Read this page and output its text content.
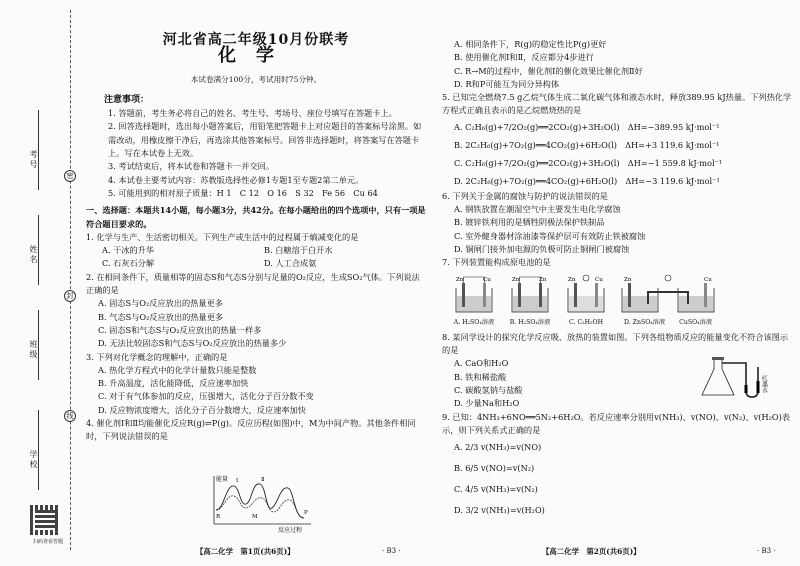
考号
姓名
班级
学校
密
封
线
扫码查看答题
河北省高二年级10月份联考
化学
本试卷满分100分，考试用时75分钟。
注意事项：
1. 答题前，考生务必将自己的姓名、考生号、考场号、座位号填写在答题卡上。
2. 回答选择题时，选出每小题答案后，用铅笔把答题卡上对应题目的答案标号涂黑。如需改动，用橡皮擦干净后，再选涂其他答案标号。回答非选择题时，将答案写在答题卡上。写在本试卷上无效。
3. 考试结束后，将本试卷和答题卡一并交回。
4. 本试卷主要考试内容：苏教版选择性必修1专题1至专题2第二单元。
5. 可能用到的相对原子质量：H 1　C 12　O 16　S 32　Fe 56　Cu 64
一、选择题：本题共14小题，每小题3分，共42分。在每小题给出的四个选项中，只有一项是符合题目要求的。
1. 化学与生产、生活密切相关。下列生产或生活中的过程属于熵减变化的是
A. 干冰的升华	B. 白糖溶于白开水
C. 石灰石分解	D. 人工合成氨
2. 在相同条件下，质量相等的固态S和气态S分别与足量的O₂反应，生成SO₂气体。下列说法正确的是
A. 固态S与O₂反应放出的热量更多
B. 气态S与O₂反应放出的热量更多
C. 固态S和气态S与O₂反应放出的热量一样多
D. 无法比较固态S和气态S与O₂反应放出的热量多少
3. 下列对化学概念的理解中，正确的是
A. 热化学方程式中的化学计量数只能是整数
B. 升高温度，活化能降低，反应速率加快
C. 对于有气体参加的反应，压强增大，活化分子百分数不变
D. 反应物浓度增大，活化分子百分数增大，反应速率加快
4. 催化剂Ⅰ和Ⅱ均能催化反应R(g)⇌P(g)。反应历程(如图)中，M为中间产物。其他条件相同时，下列说法错误的是
能量
反应过程
Ⅰ	Ⅱ
R	M
P
【高二化学　第1页(共6页)】	· B3 ·
A. 相同条件下，R(g)的稳定性比P(g)更好
B. 使用催化剂Ⅰ和Ⅱ，反应都分4步进行
C. R→M的过程中，催化剂Ⅰ的催化效果比催化剂Ⅱ好
D. R和P可能互为同分异构体
5. 已知完全燃烧7.5 g乙烷气体生成二氧化碳气体和液态水时，释放389.95 kJ热量。下列热化学方程式正确且表示的是乙烷燃烧热的是
A. C₂H₆(g)+7/2O₂(g)══2CO₂(g)+3H₂O(l)　ΔH=−389.95 kJ·mol⁻¹
B. 2C₂H₆(g)+7O₂(g)══4CO₂(g)+6H₂O(l)　ΔH=+3 119.6 kJ·mol⁻¹
C. C₂H₆(g)+7/2O₂(g)══2CO₂(g)+3H₂O(l)　ΔH=−1 559.8 kJ·mol⁻¹
D. 2C₂H₆(g)+7O₂(g)══4CO₂(g)+6H₂O(l)　ΔH=−3 119.6 kJ·mol⁻¹
6. 下列关于金属的腐蚀与防护的说法错误的是
A. 钢铁放置在潮湿空气中主要发生电化学腐蚀
B. 镀锌铁利用的是牺牲阴极法保护铁制品
C. 室外健身器材涂油漆等保护层可有效防止铁被腐蚀
D. 铜闸门接外加电源的负极可防止铜闸门被腐蚀
7. 下列装置能构成原电池的是
Zn	Cu
A. H₂SO₄溶液
Zn	Zn
B. H₂SO₄溶液
Zn	Cu
C. C₂H₅OH
Zn	Cu
D. ZnSO₄溶液 CuSO₄溶液
8. 某同学设计的探究化学反应吸、放热的装置如图。下列各组物质反应的能量变化不符合该图示的是
A. CaO和H₂O
B. 铁和稀盐酸
C. 碳酸氢钠与盐酸
D. 少量Na和H₂O
红墨水
9. 已知：4NH₃+6NO══5N₂+6H₂O。若反应速率分别用v(NH₃)、v(NO)、v(N₂)、v(H₂O)表示，则下列关系式正确的是
A. 2/3 v(NH₃)=v(NO)
B. 6/5 v(NO)=v(N₂)
C. 4/5 v(NH₃)=v(N₂)
D. 3/2 v(NH₃)=v(H₂O)
【高二化学　第2页(共6页)】	· B3 ·
